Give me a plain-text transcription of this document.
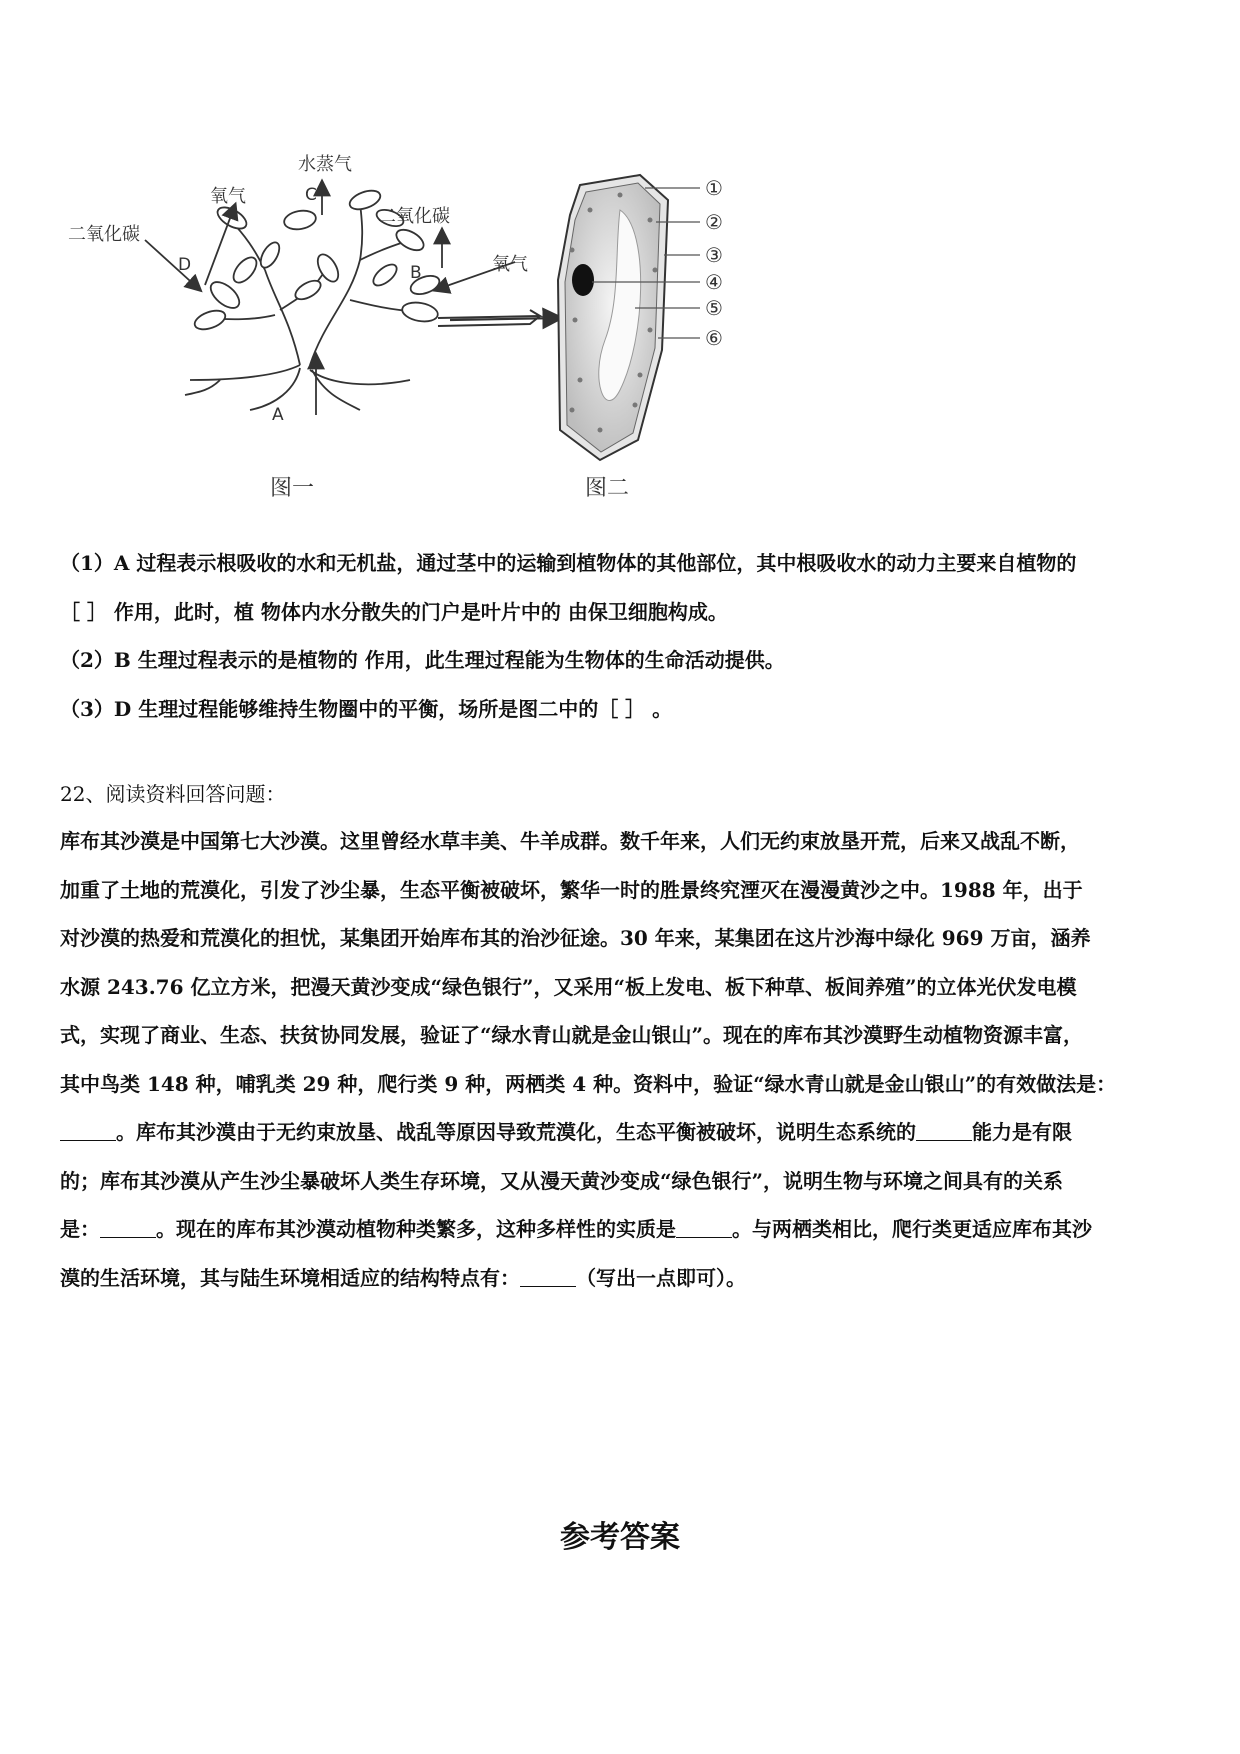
水蒸气
氧气
二氧化碳
二氧化碳
氧气
A
B
C
D
图一
①
②
③
④
⑤
⑥
图二
（1）A 过程表示根吸收的水和无机盐，通过茎中的运输到植物体的其他部位，其中根吸收水的动力主要来自植物的
［ ］ 作用，此时，植 物体内水分散失的门户是叶片中的 由保卫细胞构成。
（2）B 生理过程表示的是植物的 作用，此生理过程能为生物体的生命活动提供。
（3）D 生理过程能够维持生物圈中的平衡，场所是图二中的［ ］ 。
22、阅读资料回答问题：
库布其沙漠是中国第七大沙漠。这里曾经水草丰美、牛羊成群。数千年来，人们无约束放垦开荒，后来又战乱不断，
加重了土地的荒漠化，引发了沙尘暴，生态平衡被破坏，繁华一时的胜景终究湮灭在漫漫黄沙之中。1988 年，出于
对沙漠的热爱和荒漠化的担忧，某集团开始库布其的治沙征途。30 年来，某集团在这片沙海中绿化 969 万亩，涵养
水源 243.76 亿立方米，把漫天黄沙变成“绿色银行”，又采用“板上发电、板下种草、板间养殖”的立体光伏发电模
式，实现了商业、生态、扶贫协同发展，验证了“绿水青山就是金山银山”。现在的库布其沙漠野生动植物资源丰富，
其中鸟类 148 种，哺乳类 29 种，爬行类 9 种，两栖类 4 种。资料中，验证“绿水青山就是金山银山”的有效做法是：
。库布其沙漠由于无约束放垦、战乱等原因导致荒漠化，生态平衡被破坏，说明生态系统的	能力是有限
的；库布其沙漠从产生沙尘暴破坏人类生存环境，又从漫天黄沙变成“绿色银行”，说明生物与环境之间具有的关系
是：	。现在的库布其沙漠动植物种类繁多，这种多样性的实质是	。与两栖类相比，爬行类更适应库布其沙
漠的生活环境，其与陆生环境相适应的结构特点有：	（写出一点即可）。
参考答案
